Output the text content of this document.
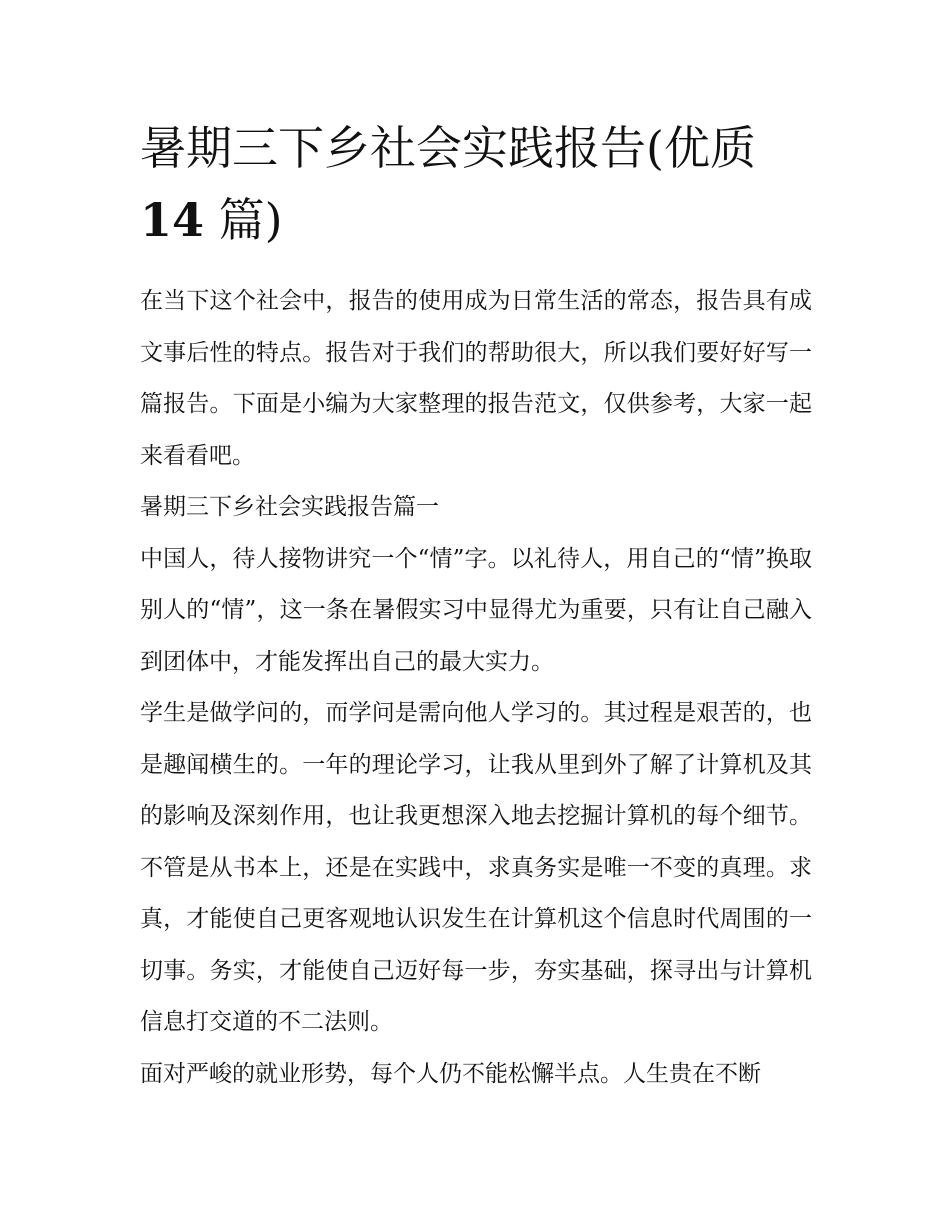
暑期三下乡社会实践报告(优质
14 篇)

在当下这个社会中，报告的使用成为日常生活的常态，报告具有成文事后性的特点。报告对于我们的帮助很大，所以我们要好好写一篇报告。下面是小编为大家整理的报告范文，仅供参考，大家一起来看看吧。

暑期三下乡社会实践报告篇一

中国人，待人接物讲究一个“情”字。以礼待人，用自己的“情”换取别人的“情”，这一条在暑假实习中显得尤为重要，只有让自己融入到团体中，才能发挥出自己的最大实力。

学生是做学问的，而学问是需向他人学习的。其过程是艰苦的，也是趣闻横生的。一年的理论学习，让我从里到外了解了计算机及其的影响及深刻作用，也让我更想深入地去挖掘计算机的每个细节。不管是从书本上，还是在实践中，求真务实是唯一不变的真理。求真，才能使自己更客观地认识发生在计算机这个信息时代周围的一切事。务实，才能使自己迈好每一步，夯实基础，探寻出与计算机信息打交道的不二法则。

面对严峻的就业形势，每个人仍不能松懈半点。人生贵在不断
